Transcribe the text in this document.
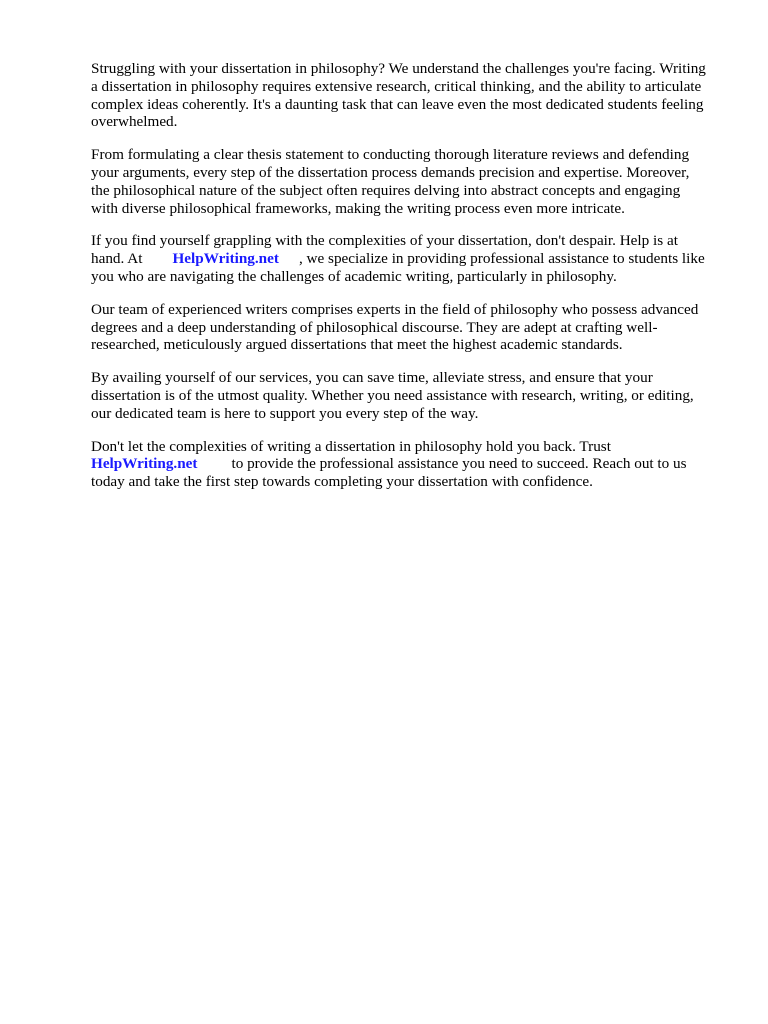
Struggling with your dissertation in philosophy? We understand the challenges you're facing. Writing
a dissertation in philosophy requires extensive research, critical thinking, and the ability to articulate
complex ideas coherently. It's a daunting task that can leave even the most dedicated students feeling
overwhelmed.

From formulating a clear thesis statement to conducting thorough literature reviews and defending
your arguments, every step of the dissertation process demands precision and expertise. Moreover,
the philosophical nature of the subject often requires delving into abstract concepts and engaging
with diverse philosophical frameworks, making the writing process even more intricate.

If you find yourself grappling with the complexities of your dissertation, don't despair. Help is at
hand. At HelpWriting.net , we specialize in providing professional assistance to students like
you who are navigating the challenges of academic writing, particularly in philosophy.

Our team of experienced writers comprises experts in the field of philosophy who possess advanced
degrees and a deep understanding of philosophical discourse. They are adept at crafting well-
researched, meticulously argued dissertations that meet the highest academic standards.

By availing yourself of our services, you can save time, alleviate stress, and ensure that your
dissertation is of the utmost quality. Whether you need assistance with research, writing, or editing,
our dedicated team is here to support you every step of the way.

Don't let the complexities of writing a dissertation in philosophy hold you back. Trust
HelpWriting.net to provide the professional assistance you need to succeed. Reach out to us
today and take the first step towards completing your dissertation with confidence.
